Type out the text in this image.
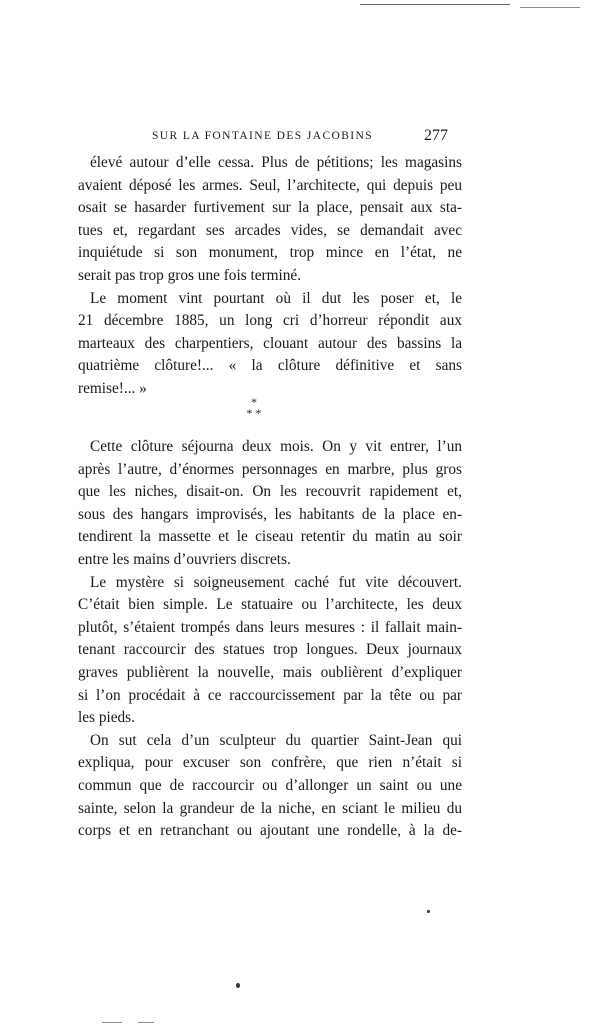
SUR LA FONTAINE DES JACOBINS	277
élevé autour d’elle cessa. Plus de pétitions; les magasins
avaient déposé les armes. Seul, l’architecte, qui depuis peu
osait se hasarder furtivement sur la place, pensait aux sta-
tues et, regardant ses arcades vides, se demandait avec
inquiétude si son monument, trop mince en l’état, ne
serait pas trop gros une fois terminé.
Le moment vint pourtant où il dut les poser et, le
21 décembre 1885, un long cri d’horreur répondit aux
marteaux des charpentiers, clouant autour des bassins la
quatrième clôture!... « la clôture définitive et sans
remise!... »
*
* *
Cette clôture séjourna deux mois. On y vit entrer, l’un
après l’autre, d’énormes personnages en marbre, plus gros
que les niches, disait-on. On les recouvrit rapidement et,
sous des hangars improvisés, les habitants de la place en-
tendirent la massette et le ciseau retentir du matin au soir
entre les mains d’ouvriers discrets.
Le mystère si soigneusement caché fut vite découvert.
C’était bien simple. Le statuaire ou l’architecte, les deux
plutôt, s’étaient trompés dans leurs mesures : il fallait main-
tenant raccourcir des statues trop longues. Deux journaux
graves publièrent la nouvelle, mais oublièrent d’expliquer
si l’on procédait à ce raccourcissement par la tête ou par
les pieds.
On sut cela d’un sculpteur du quartier Saint-Jean qui
expliqua, pour excuser son confrère, que rien n’était si
commun que de raccourcir ou d’allonger un saint ou une
sainte, selon la grandeur de la niche, en sciant le milieu du
corps et en retranchant ou ajoutant une rondelle, à la de-
